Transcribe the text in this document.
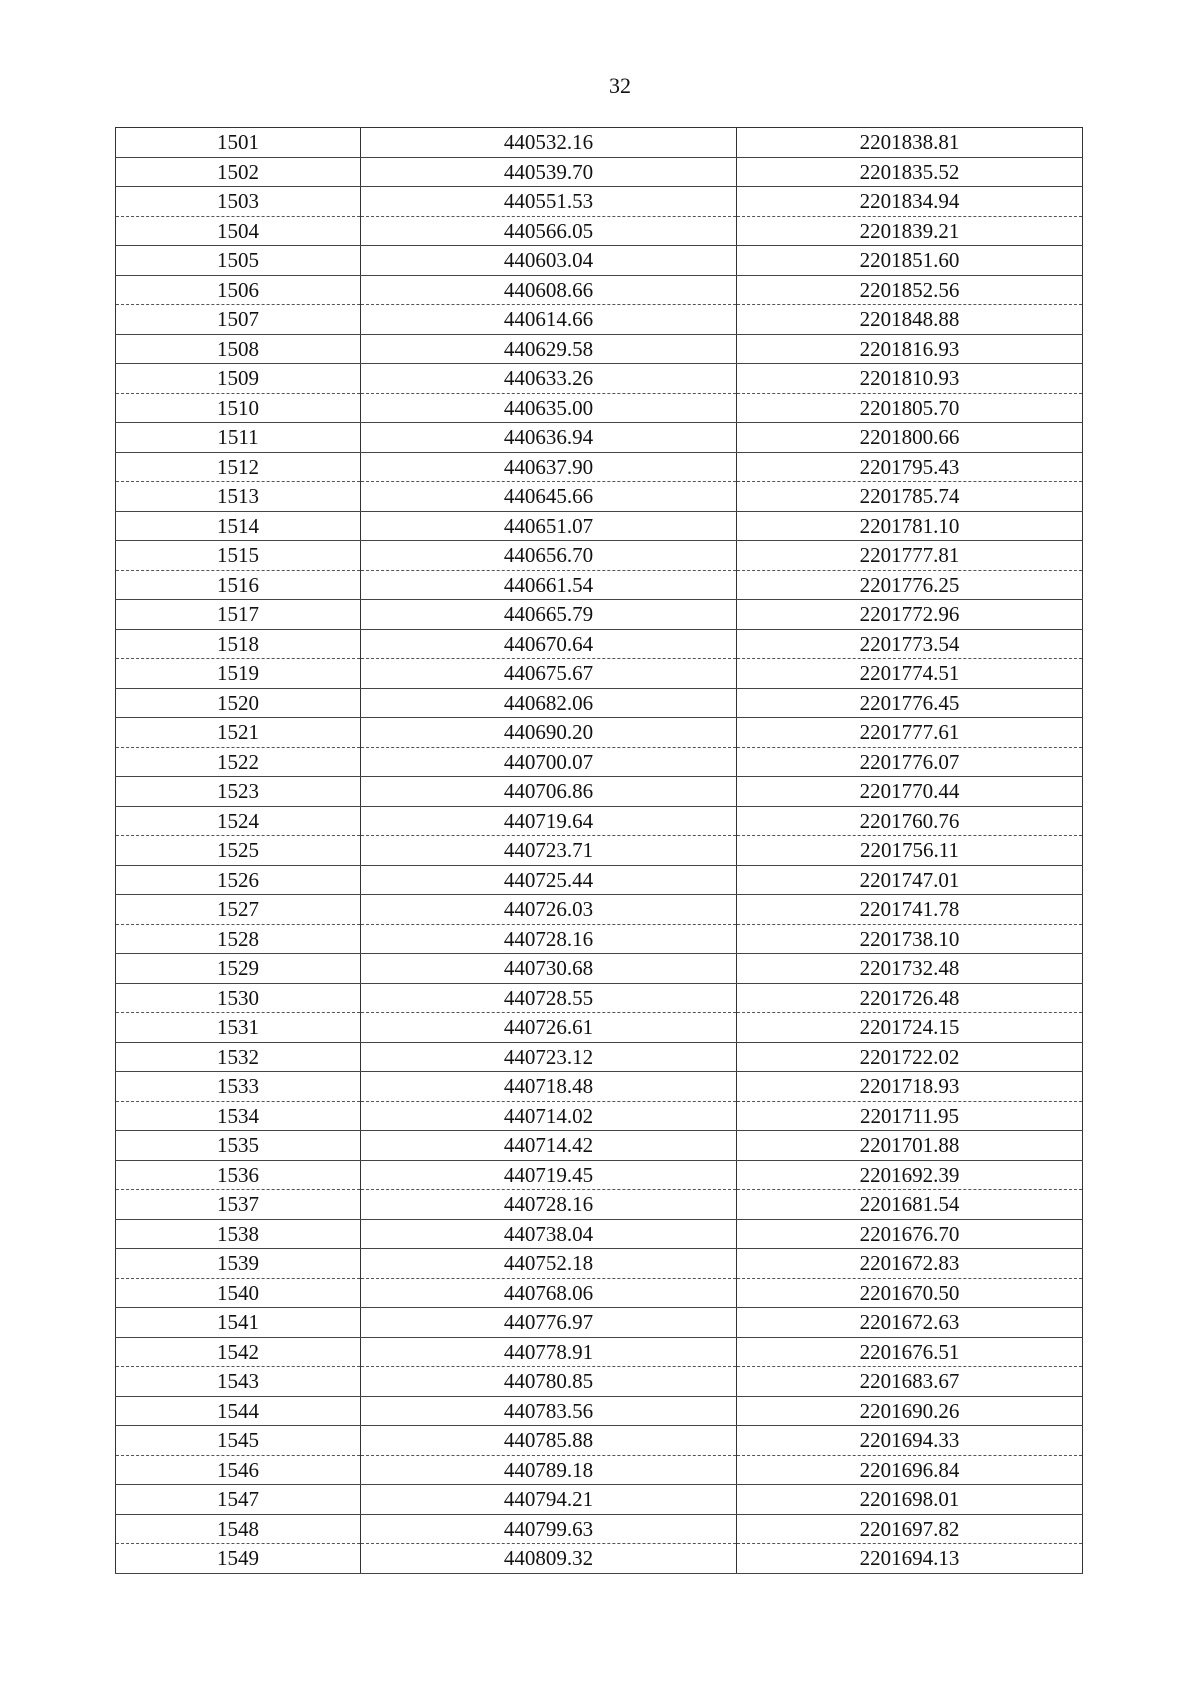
32
1501	440532.16	2201838.81
1502	440539.70	2201835.52
1503	440551.53	2201834.94
1504	440566.05	2201839.21
1505	440603.04	2201851.60
1506	440608.66	2201852.56
1507	440614.66	2201848.88
1508	440629.58	2201816.93
1509	440633.26	2201810.93
1510	440635.00	2201805.70
1511	440636.94	2201800.66
1512	440637.90	2201795.43
1513	440645.66	2201785.74
1514	440651.07	2201781.10
1515	440656.70	2201777.81
1516	440661.54	2201776.25
1517	440665.79	2201772.96
1518	440670.64	2201773.54
1519	440675.67	2201774.51
1520	440682.06	2201776.45
1521	440690.20	2201777.61
1522	440700.07	2201776.07
1523	440706.86	2201770.44
1524	440719.64	2201760.76
1525	440723.71	2201756.11
1526	440725.44	2201747.01
1527	440726.03	2201741.78
1528	440728.16	2201738.10
1529	440730.68	2201732.48
1530	440728.55	2201726.48
1531	440726.61	2201724.15
1532	440723.12	2201722.02
1533	440718.48	2201718.93
1534	440714.02	2201711.95
1535	440714.42	2201701.88
1536	440719.45	2201692.39
1537	440728.16	2201681.54
1538	440738.04	2201676.70
1539	440752.18	2201672.83
1540	440768.06	2201670.50
1541	440776.97	2201672.63
1542	440778.91	2201676.51
1543	440780.85	2201683.67
1544	440783.56	2201690.26
1545	440785.88	2201694.33
1546	440789.18	2201696.84
1547	440794.21	2201698.01
1548	440799.63	2201697.82
1549	440809.32	2201694.13
